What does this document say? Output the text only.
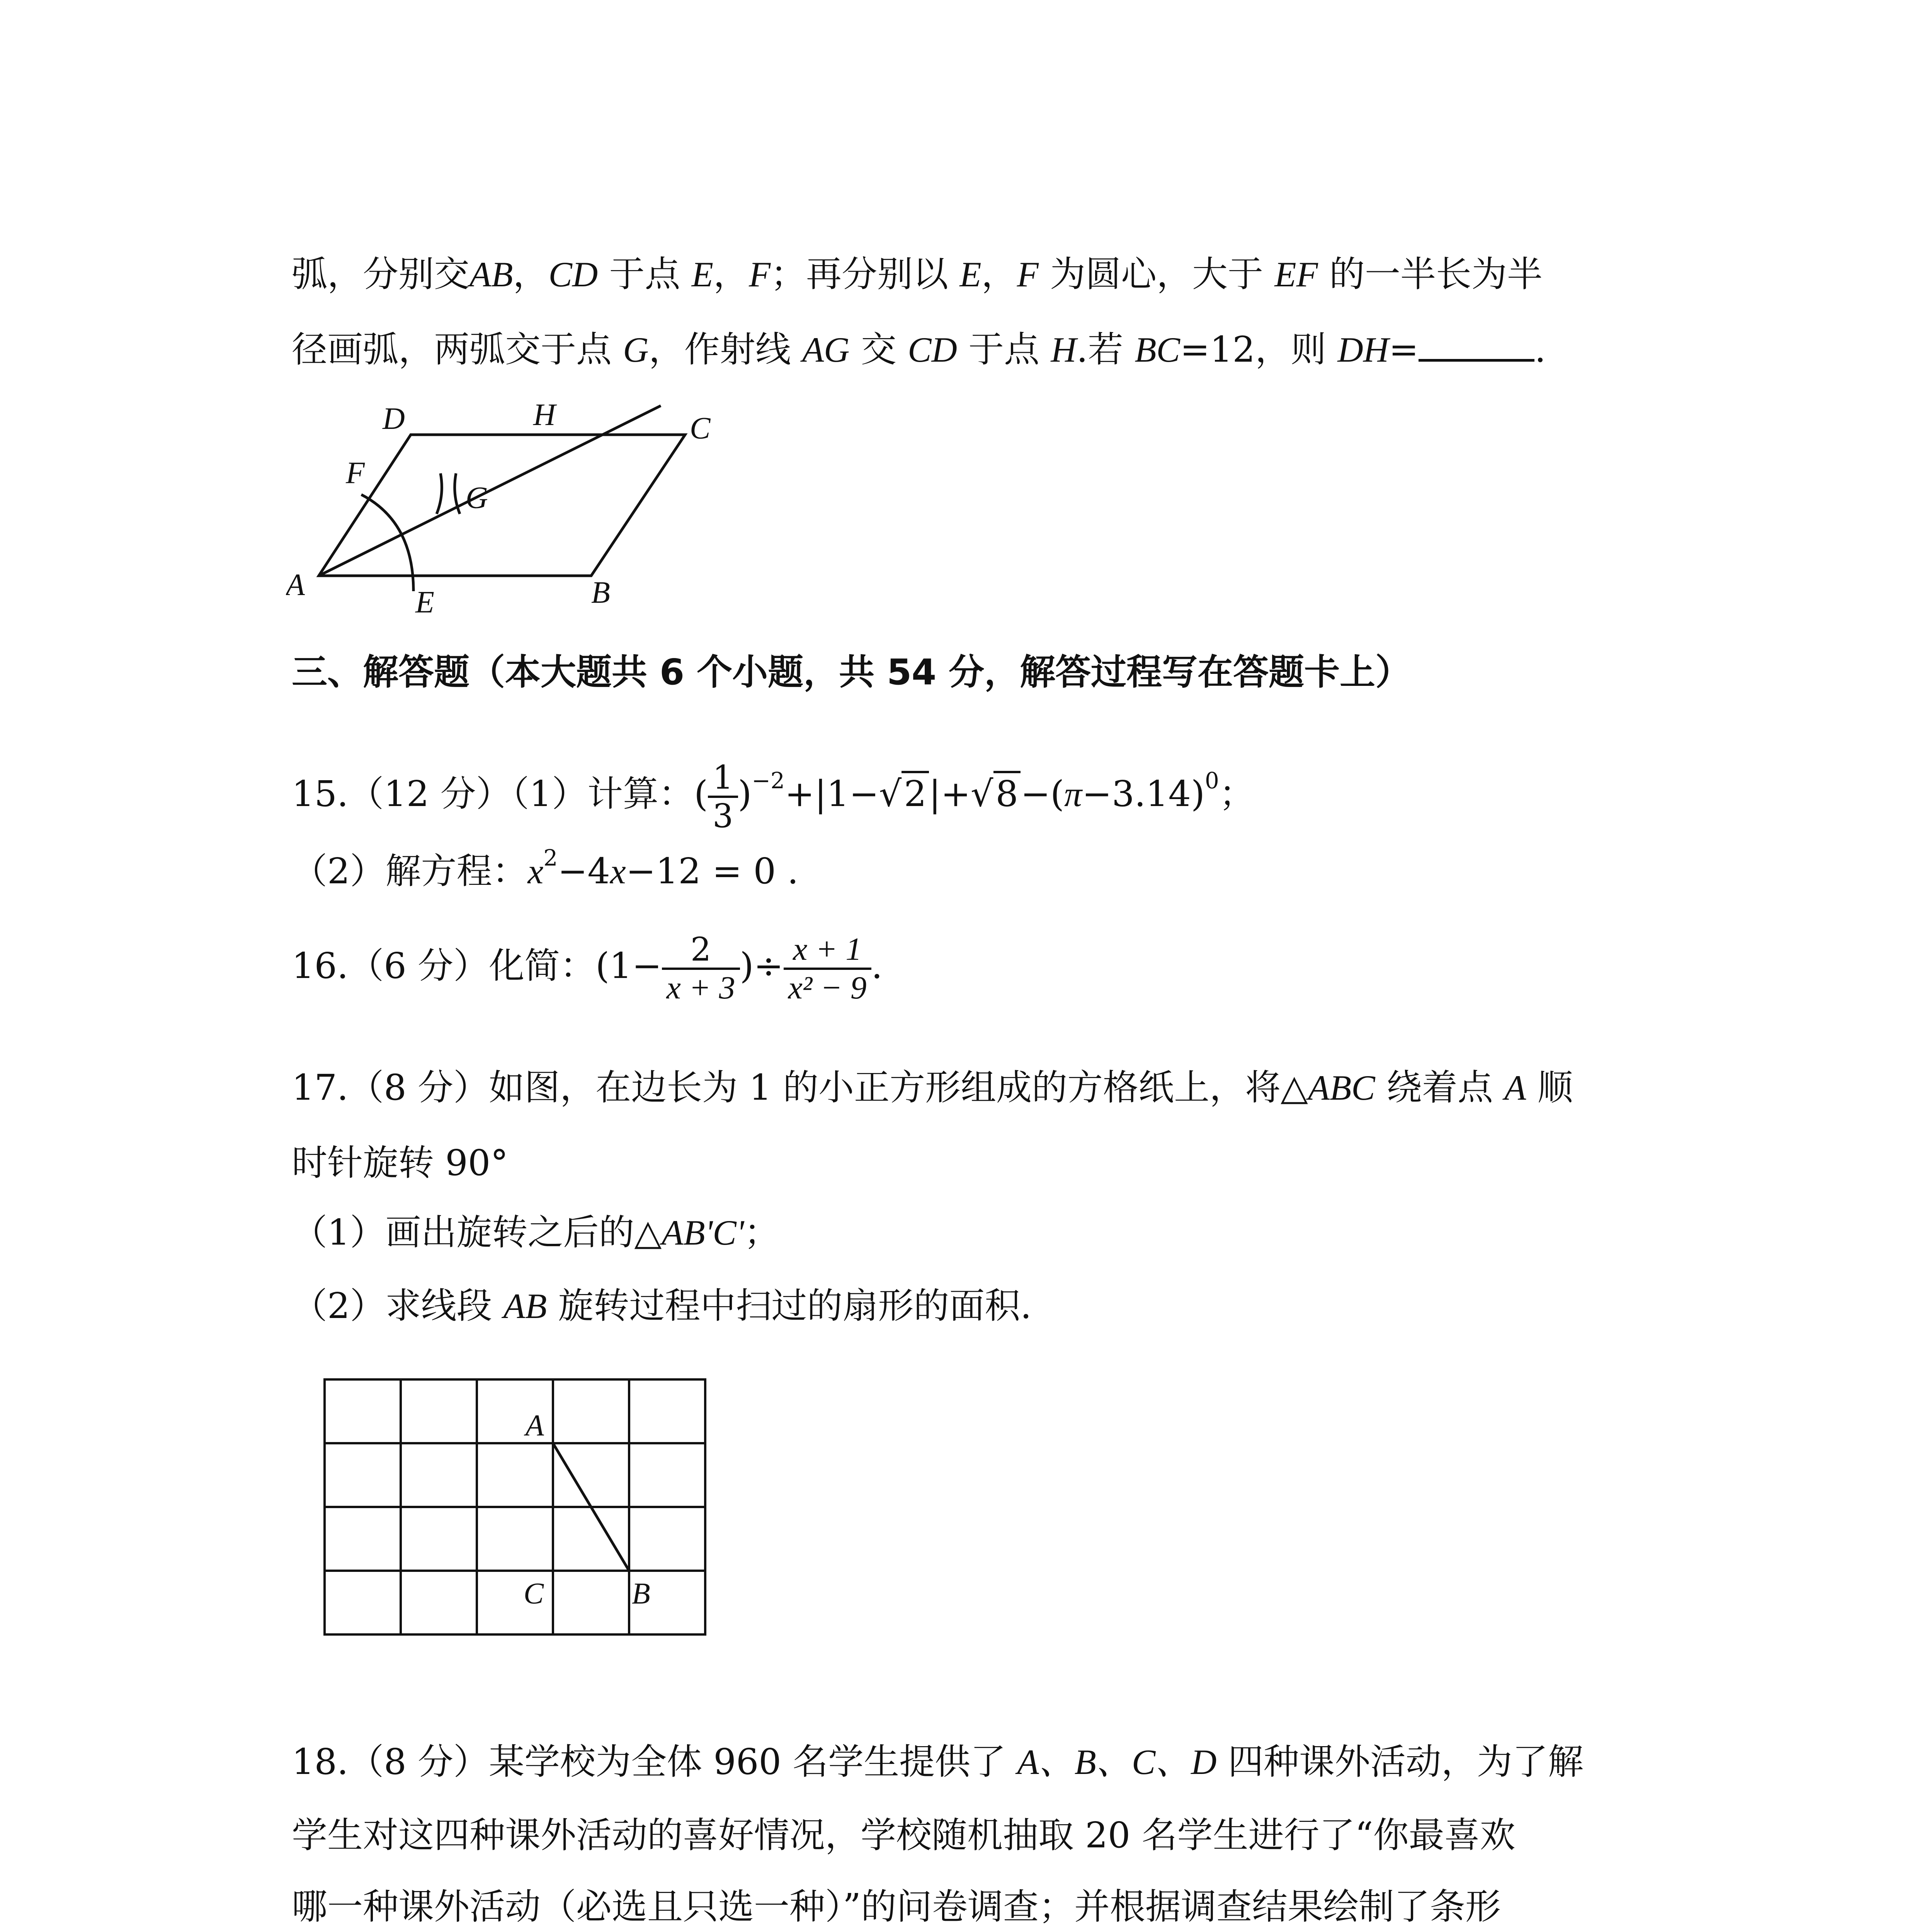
弧，分别交AB，CD 于点 E，F；再分别以 E，F 为圆心，大于 EF 的一半长为半
径画弧，两弧交于点 G，作射线 AG 交 CD 于点 H.若 BC=12，则 DH=	.
D	H	C
F
G
A
E	B
三、解答题（本大题共 6 个小题，共 54 分，解答过程写在答题卡上）
15.（12 分）（1）计算：( $\frac{1}{3} )^{-2}+|1-√2|+√8-(\pi-3.14)^0$；
（2）解方程：$x^2-4x-12 = 0$ .
16.（6 分）化简：($1- \frac{2}{x + 3}$ )÷ $\frac{x + 1}{\text{x² − 9}}$ .
17.（8 分）如图，在边长为 1 的小正方形组成的方格纸上，将△ABC 绕着点 A 顺
时针旋转 90°
（1）画出旋转之后的△AB'C'；
（2）求线段 AB 旋转过程中扫过的扇形的面积.
A
C	B
18.（8 分）某学校为全体 960 名学生提供了 A、B、C、D 四种课外活动，为了解
学生对这四种课外活动的喜好情况，学校随机抽取 20 名学生进行了“你最喜欢
哪一种课外活动（必选且只选一种）”的问卷调查；并根据调查结果绘制了条形
